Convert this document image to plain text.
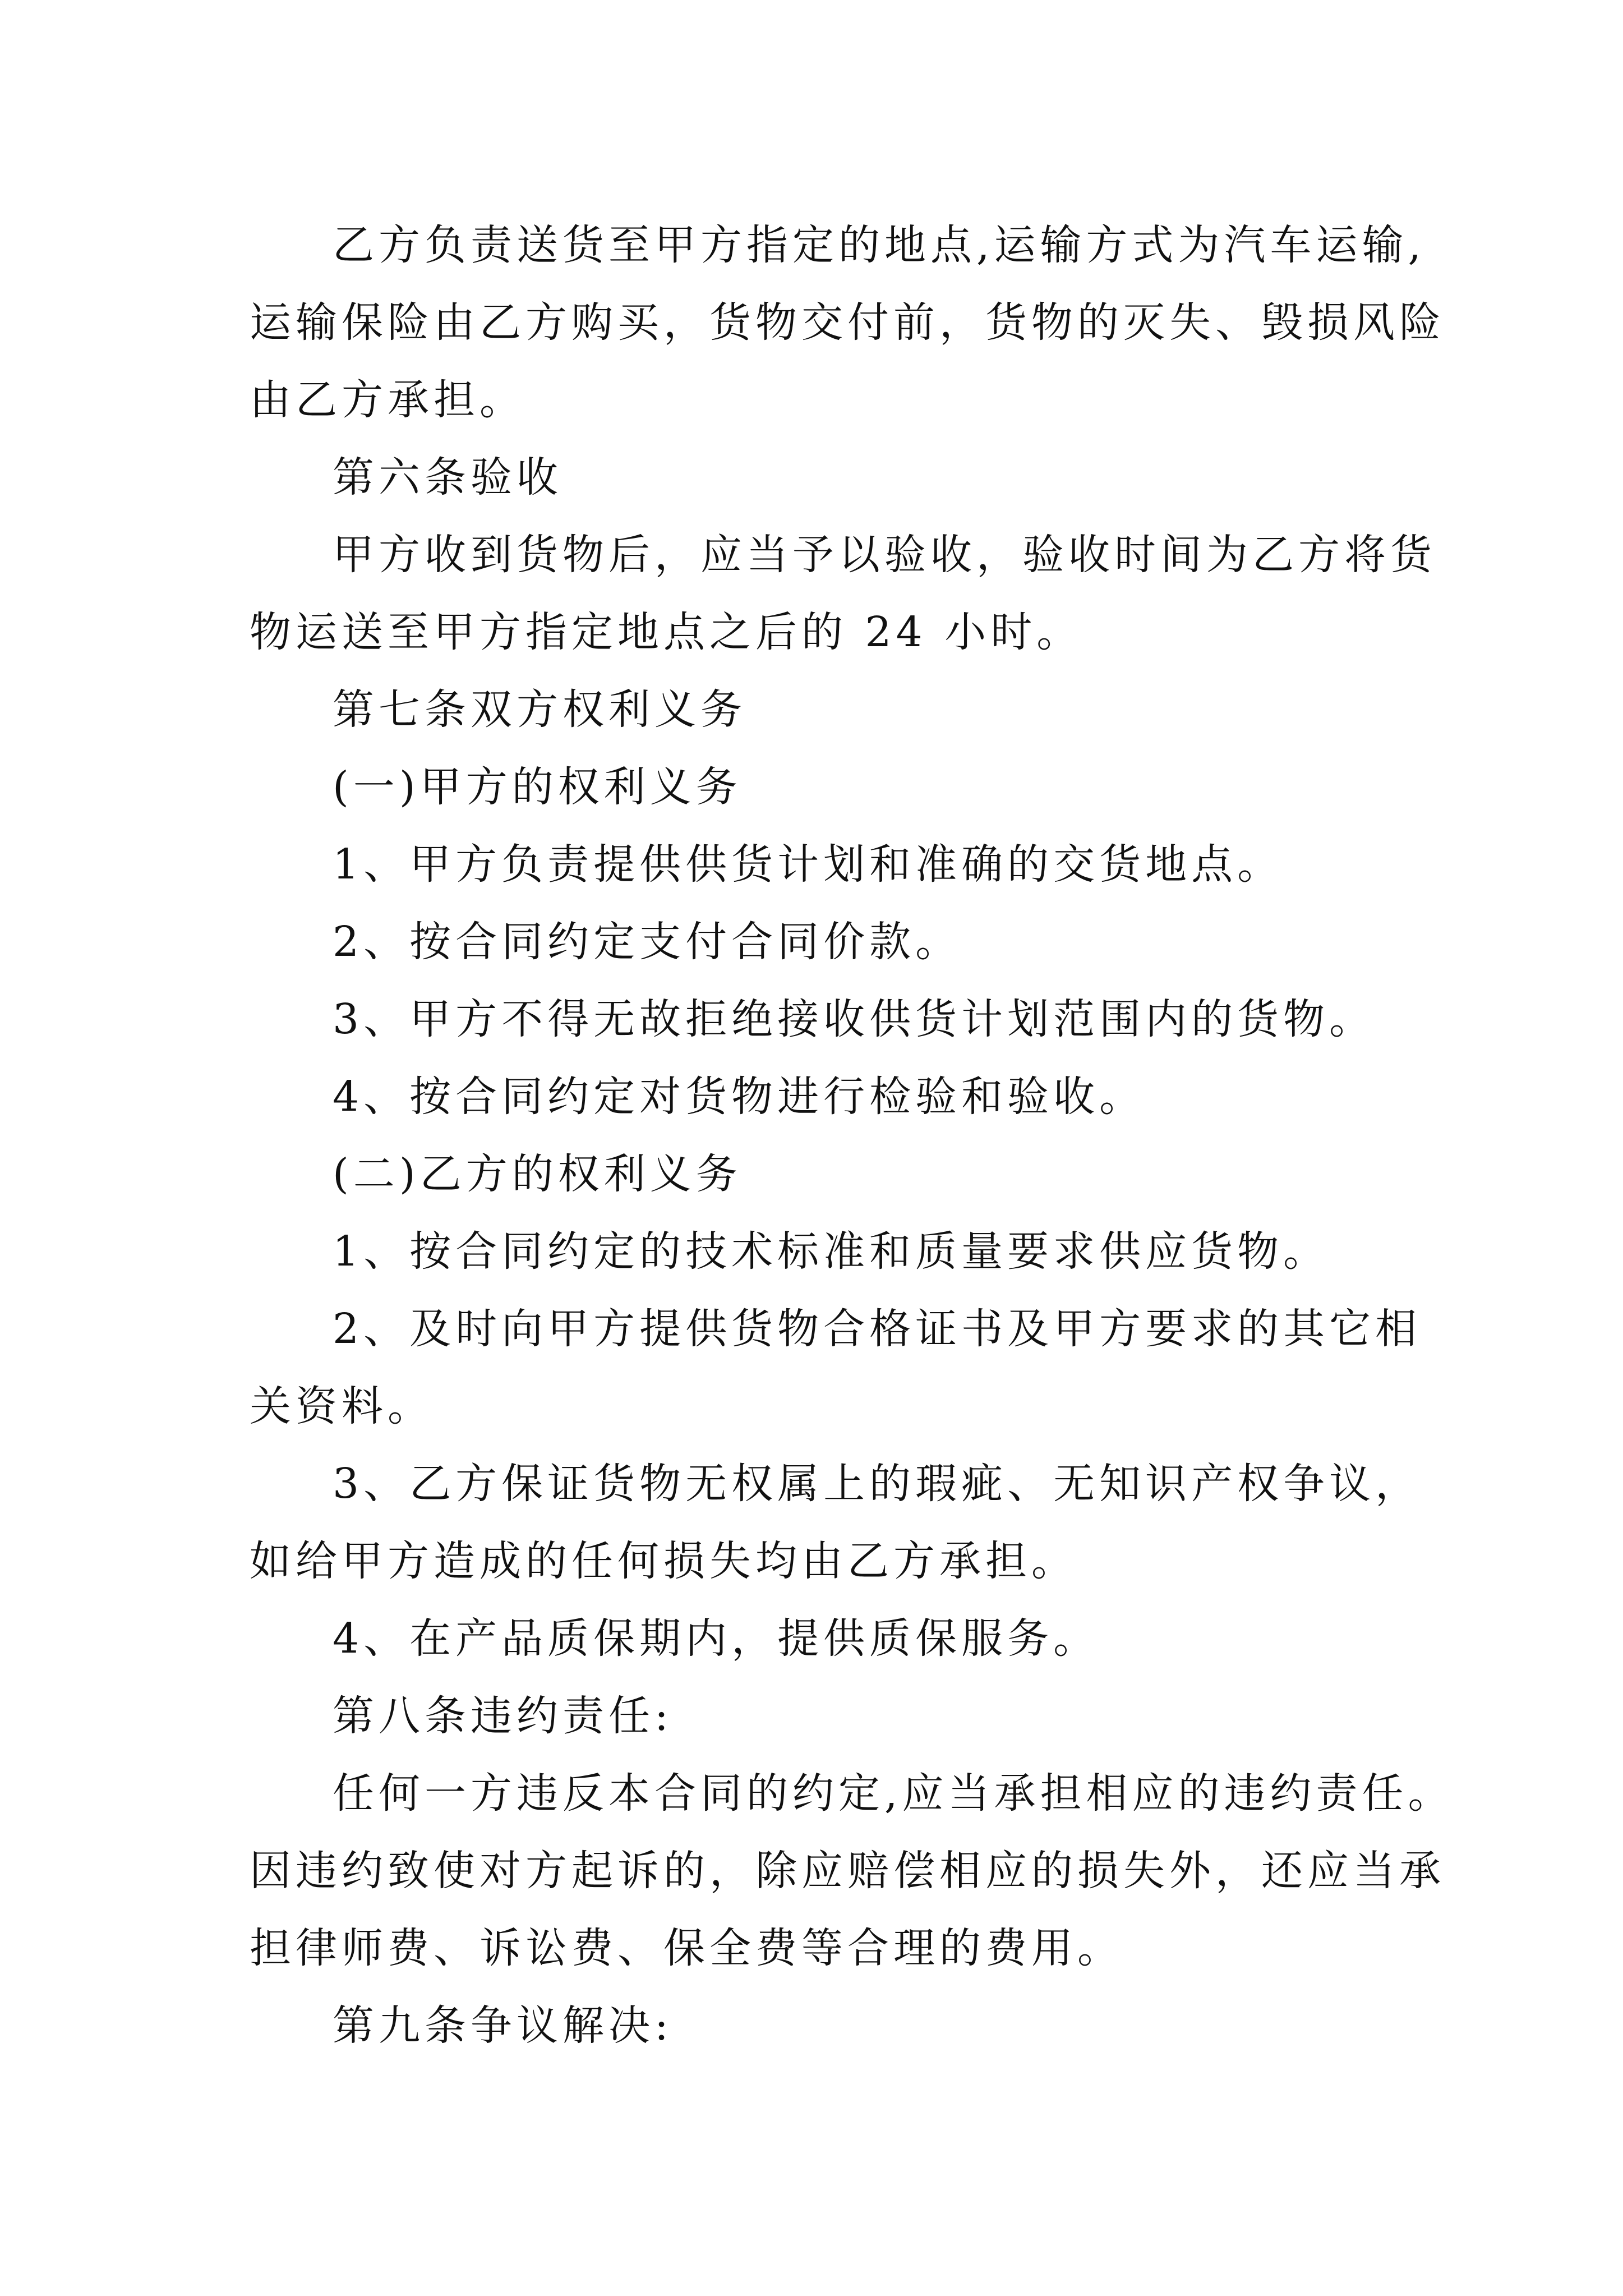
乙方负责送货至甲方指定的地点,运输方式为汽车运输,
运输保险由乙方购买，货物交付前，货物的灭失、毁损风险
由乙方承担。
第六条验收
甲方收到货物后，应当予以验收，验收时间为乙方将货
物运送至甲方指定地点之后的 24 小时。
第七条双方权利义务
(一)甲方的权利义务
1、甲方负责提供供货计划和准确的交货地点。
2、按合同约定支付合同价款。
3、甲方不得无故拒绝接收供货计划范围内的货物。
4、按合同约定对货物进行检验和验收。
(二)乙方的权利义务
1、按合同约定的技术标准和质量要求供应货物。
2、及时向甲方提供货物合格证书及甲方要求的其它相
关资料。
3、乙方保证货物无权属上的瑕疵、无知识产权争议，
如给甲方造成的任何损失均由乙方承担。
4、在产品质保期内，提供质保服务。
第八条违约责任:
任何一方违反本合同的约定,应当承担相应的违约责任。
因违约致使对方起诉的，除应赔偿相应的损失外，还应当承
担律师费、诉讼费、保全费等合理的费用。
第九条争议解决:
